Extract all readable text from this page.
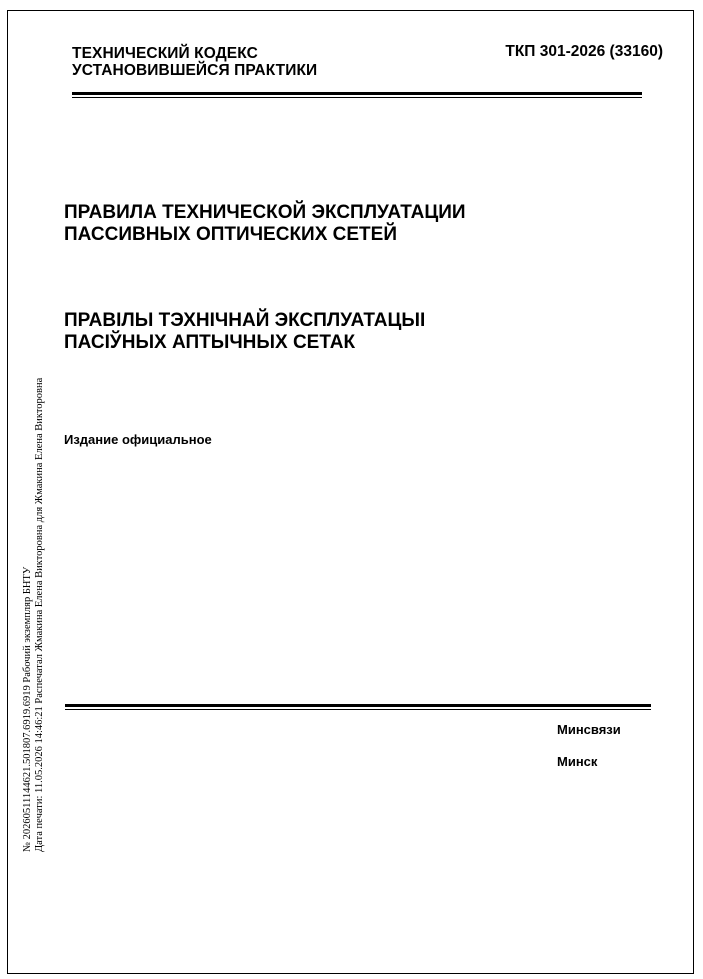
ТЕХНИЧЕСКИЙ КОДЕКС
УСТАНОВИВШЕЙСЯ ПРАКТИКИ
ТКП 301-2026 (33160)
ПРАВИЛА ТЕХНИЧЕСКОЙ ЭКСПЛУАТАЦИИ
ПАССИВНЫХ ОПТИЧЕСКИХ СЕТЕЙ
ПРАВIЛЫ ТЭХНIЧНАЙ ЭКСПЛУАТАЦЫI
ПАСIЎНЫХ АПТЫЧНЫХ СЕТАК
Издание официальное
Минсвязи
Минск
№ 20260511144621.501807.6919.6919 Рабочий экземпляр БНТУ Дата печати: 11.05.2026 14:46:21 Распечатал Жмакина Елена Викторовна для Жмакина Елена Викторовна
